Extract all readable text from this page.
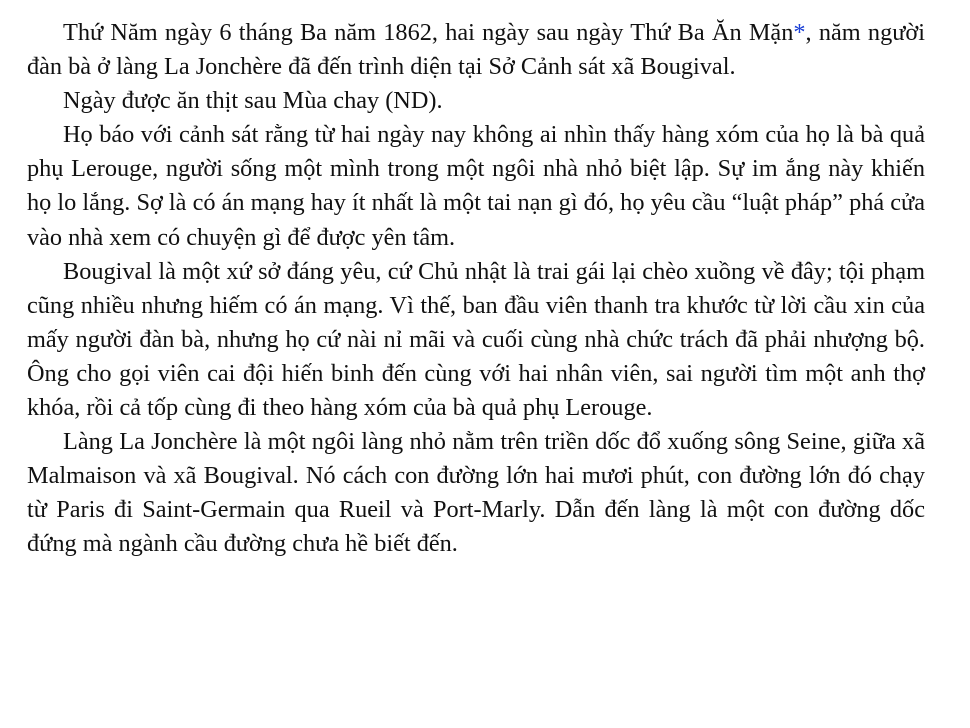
Thứ Năm ngày 6 tháng Ba năm 1862, hai ngày sau ngày Thứ Ba Ăn Mặn*, năm người đàn bà ở làng La Jonchère đã đến trình diện tại Sở Cảnh sát xã Bougival.

Ngày được ăn thịt sau Mùa chay (ND).

Họ báo với cảnh sát rằng từ hai ngày nay không ai nhìn thấy hàng xóm của họ là bà quả phụ Lerouge, người sống một mình trong một ngôi nhà nhỏ biệt lập. Sự im ắng này khiến họ lo lắng. Sợ là có án mạng hay ít nhất là một tai nạn gì đó, họ yêu cầu “luật pháp” phá cửa vào nhà xem có chuyện gì để được yên tâm.

Bougival là một xứ sở đáng yêu, cứ Chủ nhật là trai gái lại chèo xuồng về đây; tội phạm cũng nhiều nhưng hiếm có án mạng. Vì thế, ban đầu viên thanh tra khước từ lời cầu xin của mấy người đàn bà, nhưng họ cứ nài nỉ mãi và cuối cùng nhà chức trách đã phải nhượng bộ. Ông cho gọi viên cai đội hiến binh đến cùng với hai nhân viên, sai người tìm một anh thợ khóa, rồi cả tốp cùng đi theo hàng xóm của bà quả phụ Lerouge.

Làng La Jonchère là một ngôi làng nhỏ nằm trên triền dốc đổ xuống sông Seine, giữa xã Malmaison và xã Bougival. Nó cách con đường lớn hai mươi phút, con đường lớn đó chạy từ Paris đi Saint-Germain qua Rueil và Port-Marly. Dẫn đến làng là một con đường dốc đứng mà ngành cầu đường chưa hề biết đến.
